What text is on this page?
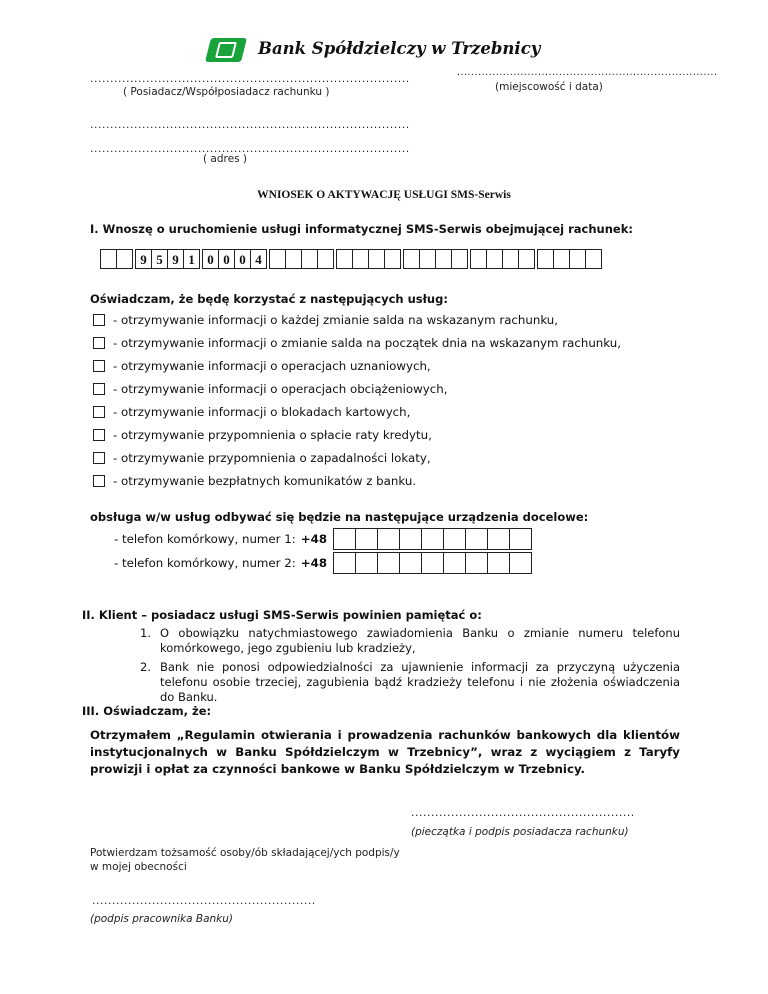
Bank Spółdzielczy w Trzebnicy
................................................................................
( Posiadacz/Współposiadacz rachunku )
..........................................................................
(miejscowość i data)
................................................................................
................................................................................
( adres )
WNIOSEK O AKTYWACJĘ USŁUGI SMS-Serwis
I. Wnoszę o uruchomienie usługi informatycznej SMS-Serwis obejmującej rachunek:
9 5 9 1 0 0 0 4
Oświadczam, że będę korzystać z następujących usług:
- otrzymywanie informacji o każdej zmianie salda na wskazanym rachunku,
- otrzymywanie informacji o zmianie salda na początek dnia na wskazanym rachunku,
- otrzymywanie informacji o operacjach uznaniowych,
- otrzymywanie informacji o operacjach obciążeniowych,
- otrzymywanie informacji o blokadach kartowych,
- otrzymywanie przypomnienia o spłacie raty kredytu,
- otrzymywanie przypomnienia o zapadalności lokaty,
- otrzymywanie bezpłatnych komunikatów z banku.
obsługa w/w usług odbywać się będzie na następujące urządzenia docelowe:
- telefon komórkowy, numer 1: +48
- telefon komórkowy, numer 2: +48
II. Klient – posiadacz usługi SMS-Serwis powinien pamiętać o:
1. O obowiązku natychmiastowego zawiadomienia Banku o zmianie numeru telefonu komórkowego, jego zgubieniu lub kradzieży,
2. Bank nie ponosi odpowiedzialności za ujawnienie informacji za przyczyną użyczenia telefonu osobie trzeciej, zagubienia bądź kradzieży telefonu i nie złożenia oświadczenia do Banku.
III. Oświadczam, że:
Otrzymałem „Regulamin otwierania i prowadzenia rachunków bankowych dla klientów instytucjonalnych w Banku Spółdzielczym w Trzebnicy”, wraz z wyciągiem z Taryfy prowizji i opłat za czynności bankowe w Banku Spółdzielczym w Trzebnicy.
........................................................
(pieczątka i podpis posiadacza rachunku)
Potwierdzam tożsamość osoby/ób składającej/ych podpis/y w mojej obecności
........................................................
(podpis pracownika Banku)
